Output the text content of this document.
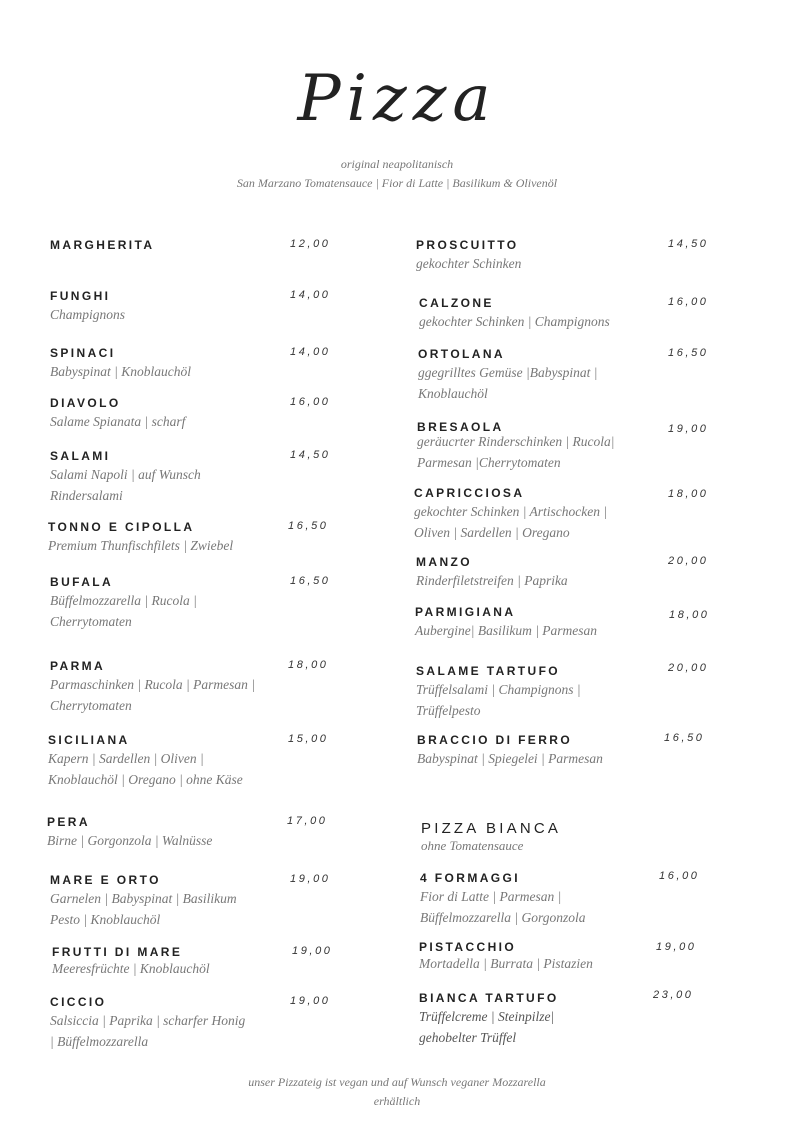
Pizza
original neapolitanisch
San Marzano Tomatensauce | Fior di Latte | Basilikum & Olivenöl
MARGHERITA	12,00
FUNGHI	14,00
Champignons
SPINACI	14,00
Babyspinat | Knoblauchöl
DIAVOLO	16,00
Salame Spianata | scharf
SALAMI	14,50
Salami Napoli | auf Wunsch Rindersalami
TONNO E CIPOLLA	16,50
Premium Thunfischfilets | Zwiebel
BUFALA	16,50
Büffelmozzarella | Rucola | Cherrytomaten
PARMA	18,00
Parmaschinken | Rucola | Parmesan | Cherrytomaten
SICILIANA	15,00
Kapern | Sardellen | Oliven | Knoblauchöl | Oregano | ohne Käse
PERA	17,00
Birne | Gorgonzola | Walnüsse
MARE E ORTO	19,00
Garnelen | Babyspinat | Basilikum Pesto | Knoblauchöl
FRUTTI DI MARE	19,00
Meeresfrüchte | Knoblauchöl
CICCIO	19,00
Salsiccia | Paprika | scharfer Honig | Büffelmozzarella
PROSCUITTO	14,50
gekochter Schinken
CALZONE	16,00
gekochter Schinken | Champignons
ORTOLANA	16,50
ggegrilltes Gemüse |Babyspinat | Knoblauchöl
BRESAOLA	19,00
geräucrter Rinderschinken | Rucola| Parmesan |Cherrytomaten
CAPRICCIOSA	18,00
gekochter Schinken | Artischocken | Oliven | Sardellen | Oregano
MANZO	20,00
Rinderfiletstreifen | Paprika
PARMIGIANA	18,00
Aubergine| Basilikum | Parmesan
SALAME TARTUFO	20,00
Trüffelsalami | Champignons | Trüffelpesto
BRACCIO DI FERRO	16,50
Babyspinat | Spiegelei | Parmesan
PIZZA BIANCA
ohne Tomatensauce
4 FORMAGGI	16,00
Fior di Latte | Parmesan | Büffelmozzarella | Gorgonzola
PISTACCHIO	19,00
Mortadella | Burrata | Pistazien
BIANCA TARTUFO	23,00
Trüffelcreme | Steinpilze| gehobelter Trüffel
unser Pizzateig ist vegan und auf Wunsch veganer Mozzarella
erhältlich
